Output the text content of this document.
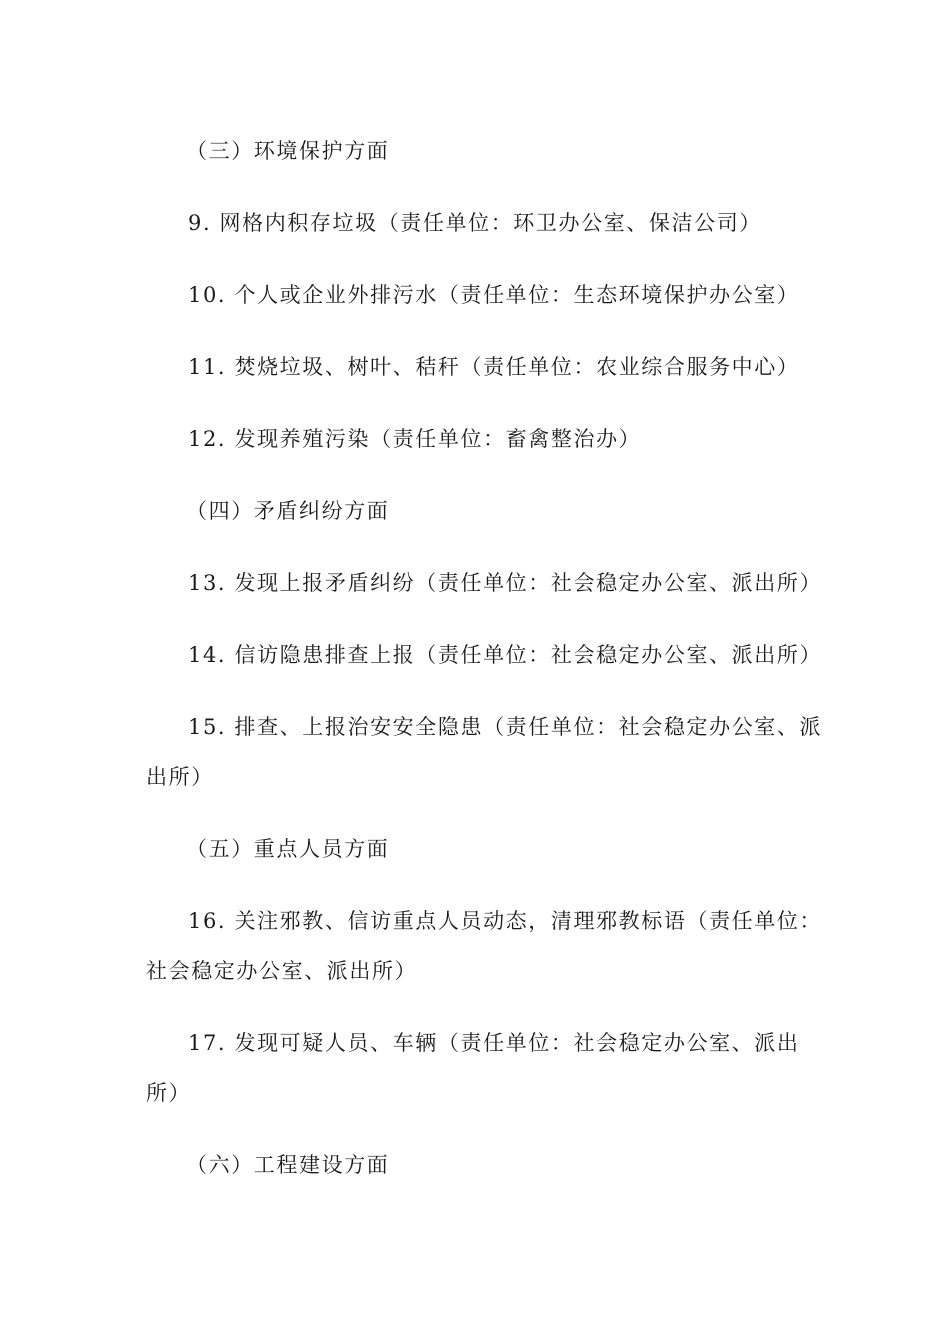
（三）环境保护方面
9. 网格内积存垃圾（责任单位：环卫办公室、保洁公司）
10. 个人或企业外排污水（责任单位：生态环境保护办公室）
11. 焚烧垃圾、树叶、秸秆（责任单位：农业综合服务中心）
12. 发现养殖污染（责任单位：畜禽整治办）
（四）矛盾纠纷方面
13. 发现上报矛盾纠纷（责任单位：社会稳定办公室、派出所）
14. 信访隐患排查上报（责任单位：社会稳定办公室、派出所）
15. 排查、上报治安安全隐患（责任单位：社会稳定办公室、派
出所）
（五）重点人员方面
16. 关注邪教、信访重点人员动态，清理邪教标语（责任单位：
社会稳定办公室、派出所）
17. 发现可疑人员、车辆（责任单位：社会稳定办公室、派出
所）
（六）工程建设方面
